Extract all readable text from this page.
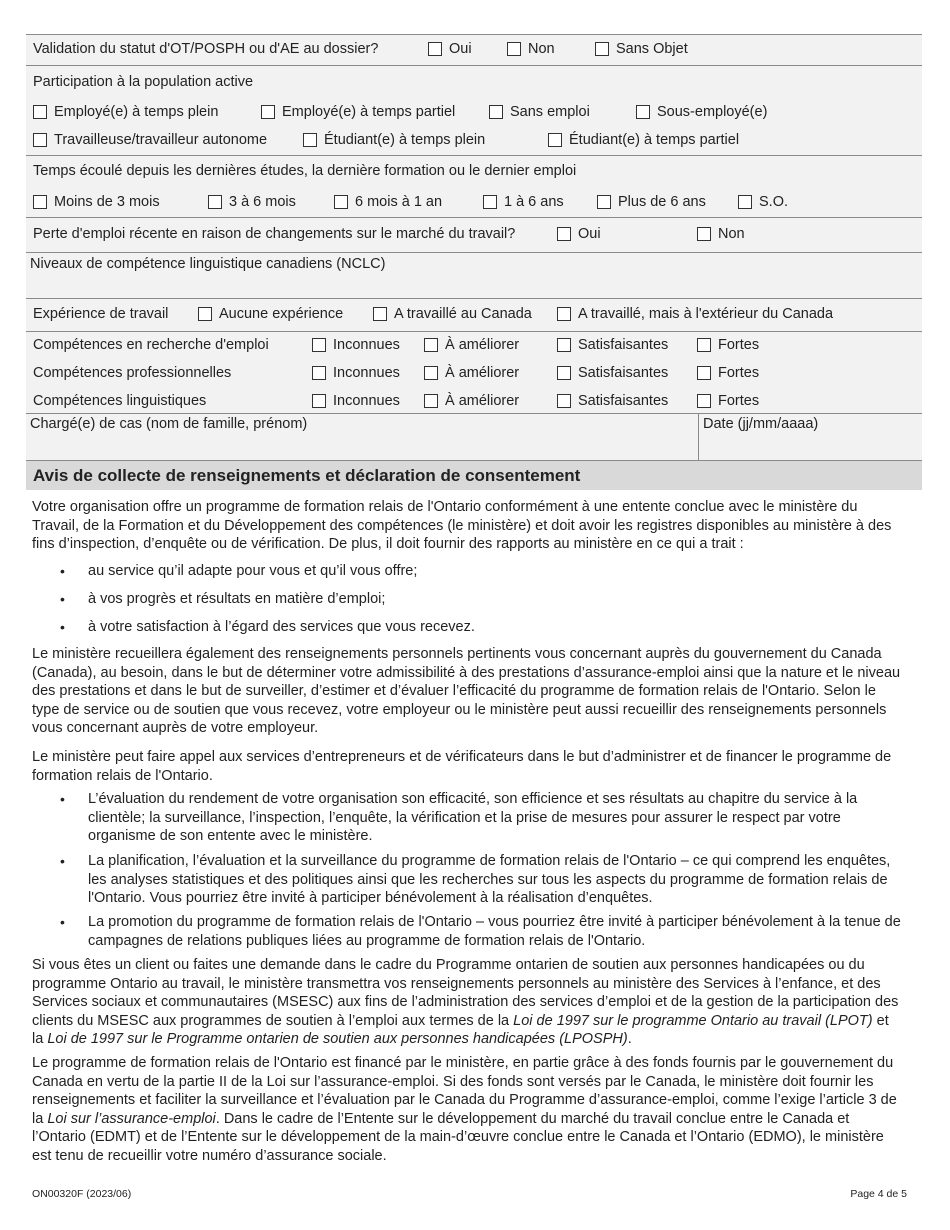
Validation du statut d'OT/POSPH ou d'AE au dossier?	Oui	Non	Sans Objet
Participation à la population active
Employé(e) à temps plein	Employé(e) à temps partiel	Sans emploi	Sous-employé(e)
Travailleuse/travailleur autonome	Étudiant(e) à temps plein	Étudiant(e) à temps partiel
Temps écoulé depuis les dernières études, la dernière formation ou le dernier emploi
Moins de 3 mois	3 à 6 mois	6 mois à 1 an	1 à 6 ans	Plus de 6 ans	S.O.
Perte d'emploi récente en raison de changements sur le marché du travail?	Oui	Non
Niveaux de compétence linguistique canadiens (NCLC)
Expérience de travail	Aucune expérience	A travaillé au Canada	A travaillé, mais à l'extérieur du Canada
Compétences en recherche d'emploi	Inconnues	À améliorer	Satisfaisantes	Fortes
Compétences professionnelles	Inconnues	À améliorer	Satisfaisantes	Fortes
Compétences linguistiques	Inconnues	À améliorer	Satisfaisantes	Fortes
Chargé(e) de cas (nom de famille, prénom)	Date (jj/mm/aaaa)
Avis de collecte de renseignements et déclaration de consentement
Votre organisation offre un programme de formation relais de l'Ontario conformément à une entente conclue avec le ministère du Travail, de la Formation et du Développement des compétences (le ministère) et doit avoir les registres disponibles au ministère à des fins d’inspection, d’enquête ou de vérification. De plus, il doit fournir des rapports au ministère en ce qui a trait :
• au service qu’il adapte pour vous et qu’il vous offre;
• à vos progrès et résultats en matière d’emploi;
• à votre satisfaction à l’égard des services que vous recevez.
Le ministère recueillera également des renseignements personnels pertinents vous concernant auprès du gouvernement du Canada (Canada), au besoin, dans le but de déterminer votre admissibilité à des prestations d’assurance-emploi ainsi que la nature et le niveau des prestations et dans le but de surveiller, d’estimer et d’évaluer l’efficacité du programme de formation relais de l'Ontario. Selon le type de service ou de soutien que vous recevez, votre employeur ou le ministère peut aussi recueillir des renseignements personnels vous concernant auprès de votre employeur.
Le ministère peut faire appel aux services d’entrepreneurs et de vérificateurs dans le but d’administrer et de financer le programme de formation relais de l'Ontario.
• L’évaluation du rendement de votre organisation son efficacité, son efficience et ses résultats au chapitre du service à la clientèle; la surveillance, l’inspection, l’enquête, la vérification et la prise de mesures pour assurer le respect par votre organisme de son entente avec le ministère.
• La planification, l’évaluation et la surveillance du programme de formation relais de l'Ontario – ce qui comprend les enquêtes, les analyses statistiques et des politiques ainsi que les recherches sur tous les aspects du programme de formation relais de l'Ontario. Vous pourriez être invité à participer bénévolement à la réalisation d’enquêtes.
• La promotion du programme de formation relais de l'Ontario – vous pourriez être invité à participer bénévolement à la tenue de campagnes de relations publiques liées au programme de formation relais de l'Ontario.
Si vous êtes un client ou faites une demande dans le cadre du Programme ontarien de soutien aux personnes handicapées ou du programme Ontario au travail, le ministère transmettra vos renseignements personnels au ministère des Services à l’enfance, et des Services sociaux et communautaires (MSESC) aux fins de l’administration des services d’emploi et de la gestion de la participation des clients du MSESC aux programmes de soutien à l’emploi aux termes de la Loi de 1997 sur le programme Ontario au travail (LPOT) et la Loi de 1997 sur le Programme ontarien de soutien aux personnes handicapées (LPOSPH).
Le programme de formation relais de l'Ontario est financé par le ministère, en partie grâce à des fonds fournis par le gouvernement du Canada en vertu de la partie II de la Loi sur l’assurance-emploi. Si des fonds sont versés par le Canada, le ministère doit fournir les renseignements et faciliter la surveillance et l’évaluation par le Canada du Programme d’assurance-emploi, comme l’exige l’article 3 de la Loi sur l’assurance-emploi. Dans le cadre de l’Entente sur le développement du marché du travail conclue entre le Canada et l’Ontario (EDMT) et de l’Entente sur le développement de la main-d’œuvre conclue entre le Canada et l’Ontario (EDMO), le ministère est tenu de recueillir votre numéro d’assurance sociale.
ON00320F (2023/06)	Page 4 de 5
